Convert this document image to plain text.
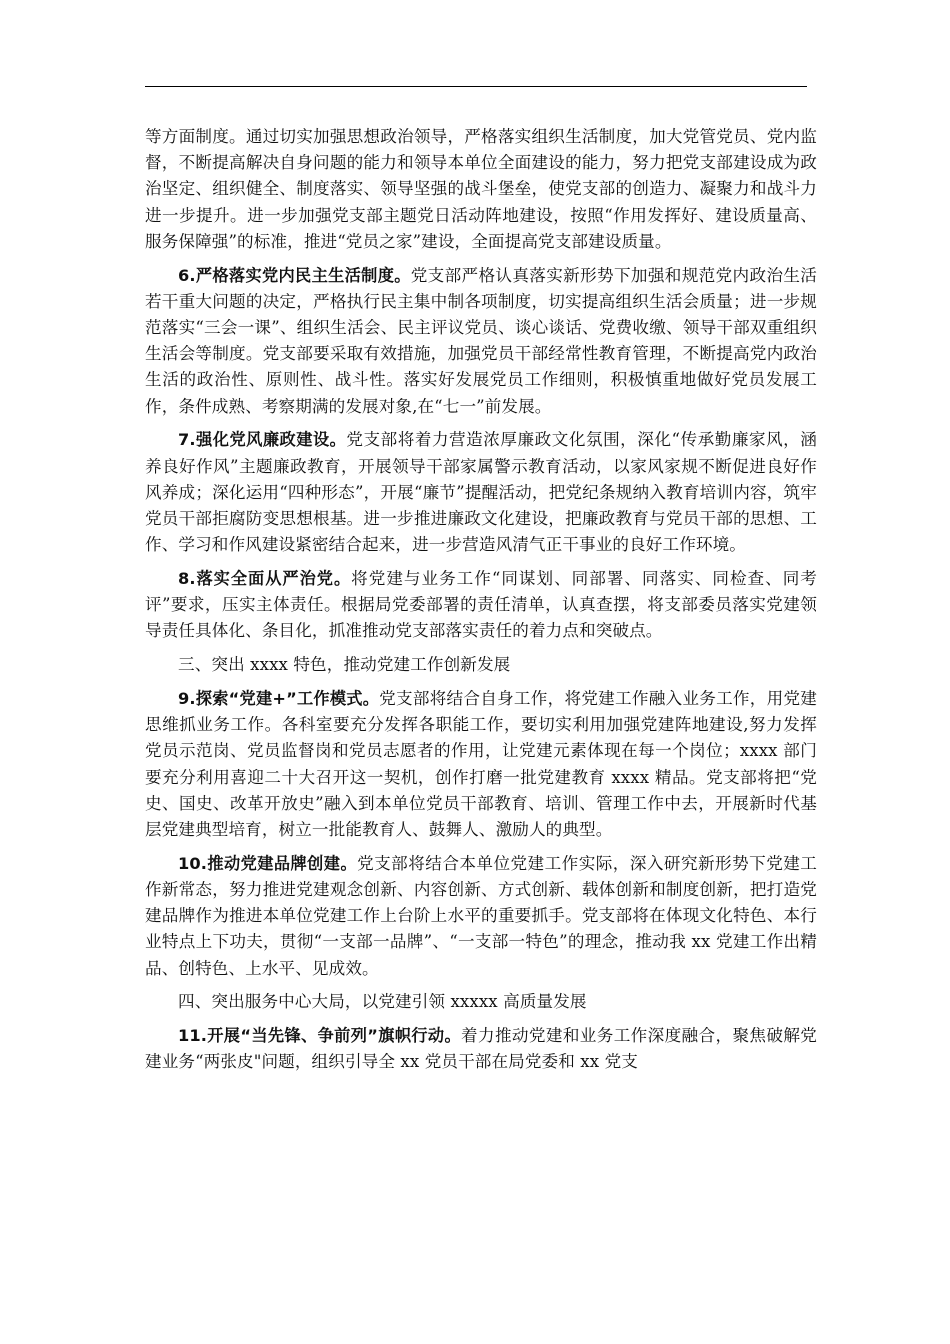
等方面制度。通过切实加强思想政治领导，严格落实组织生活制度，加大党管党员、党内监督，不断提高解决自身问题的能力和领导本单位全面建设的能力，努力把党支部建设成为政治坚定、组织健全、制度落实、领导坚强的战斗堡垒，使党支部的创造力、凝聚力和战斗力进一步提升。进一步加强党支部主题党日活动阵地建设，按照“作用发挥好、建设质量高、服务保障强”的标准，推进“党员之家”建设，全面提高党支部建设质量。

6.严格落实党内民主生活制度。党支部严格认真落实新形势下加强和规范党内政治生活若干重大问题的决定，严格执行民主集中制各项制度，切实提高组织生活会质量；进一步规范落实“三会一课”、组织生活会、民主评议党员、谈心谈话、党费收缴、领导干部双重组织生活会等制度。党支部要采取有效措施，加强党员干部经常性教育管理，不断提高党内政治生活的政治性、原则性、战斗性。落实好发展党员工作细则，积极慎重地做好党员发展工作，条件成熟、考察期满的发展对象,在“七一”前发展。

7.强化党风廉政建设。党支部将着力营造浓厚廉政文化氛围，深化“传承勤廉家风，涵养良好作风”主题廉政教育，开展领导干部家属警示教育活动，以家风家规不断促进良好作风养成；深化运用“四种形态”，开展“廉节”提醒活动，把党纪条规纳入教育培训内容，筑牢党员干部拒腐防变思想根基。进一步推进廉政文化建设，把廉政教育与党员干部的思想、工作、学习和作风建设紧密结合起来，进一步营造风清气正干事业的良好工作环境。

8.落实全面从严治党。将党建与业务工作“同谋划、同部署、同落实、同检查、同考评”要求，压实主体责任。根据局党委部署的责任清单，认真查摆，将支部委员落实党建领导责任具体化、条目化，抓准推动党支部落实责任的着力点和突破点。

三、突出 xxxx 特色，推动党建工作创新发展

9.探索“党建+”工作模式。党支部将结合自身工作，将党建工作融入业务工作，用党建思维抓业务工作。各科室要充分发挥各职能工作，要切实利用加强党建阵地建设,努力发挥党员示范岗、党员监督岗和党员志愿者的作用，让党建元素体现在每一个岗位；xxxx 部门要充分利用喜迎二十大召开这一契机，创作打磨一批党建教育 xxxx 精品。党支部将把“党史、国史、改革开放史”融入到本单位党员干部教育、培训、管理工作中去，开展新时代基层党建典型培育，树立一批能教育人、鼓舞人、激励人的典型。

10.推动党建品牌创建。党支部将结合本单位党建工作实际，深入研究新形势下党建工作新常态，努力推进党建观念创新、内容创新、方式创新、载体创新和制度创新，把打造党建品牌作为推进本单位党建工作上台阶上水平的重要抓手。党支部将在体现文化特色、本行业特点上下功夫，贯彻“一支部一品牌”、“一支部一特色”的理念，推动我 xx 党建工作出精品、创特色、上水平、见成效。

四、突出服务中心大局，以党建引领 xxxxx 高质量发展

11.开展“当先锋、争前列”旗帜行动。着力推动党建和业务工作深度融合，聚焦破解党建业务“两张皮"问题，组织引导全 xx 党员干部在局党委和 xx 党支
